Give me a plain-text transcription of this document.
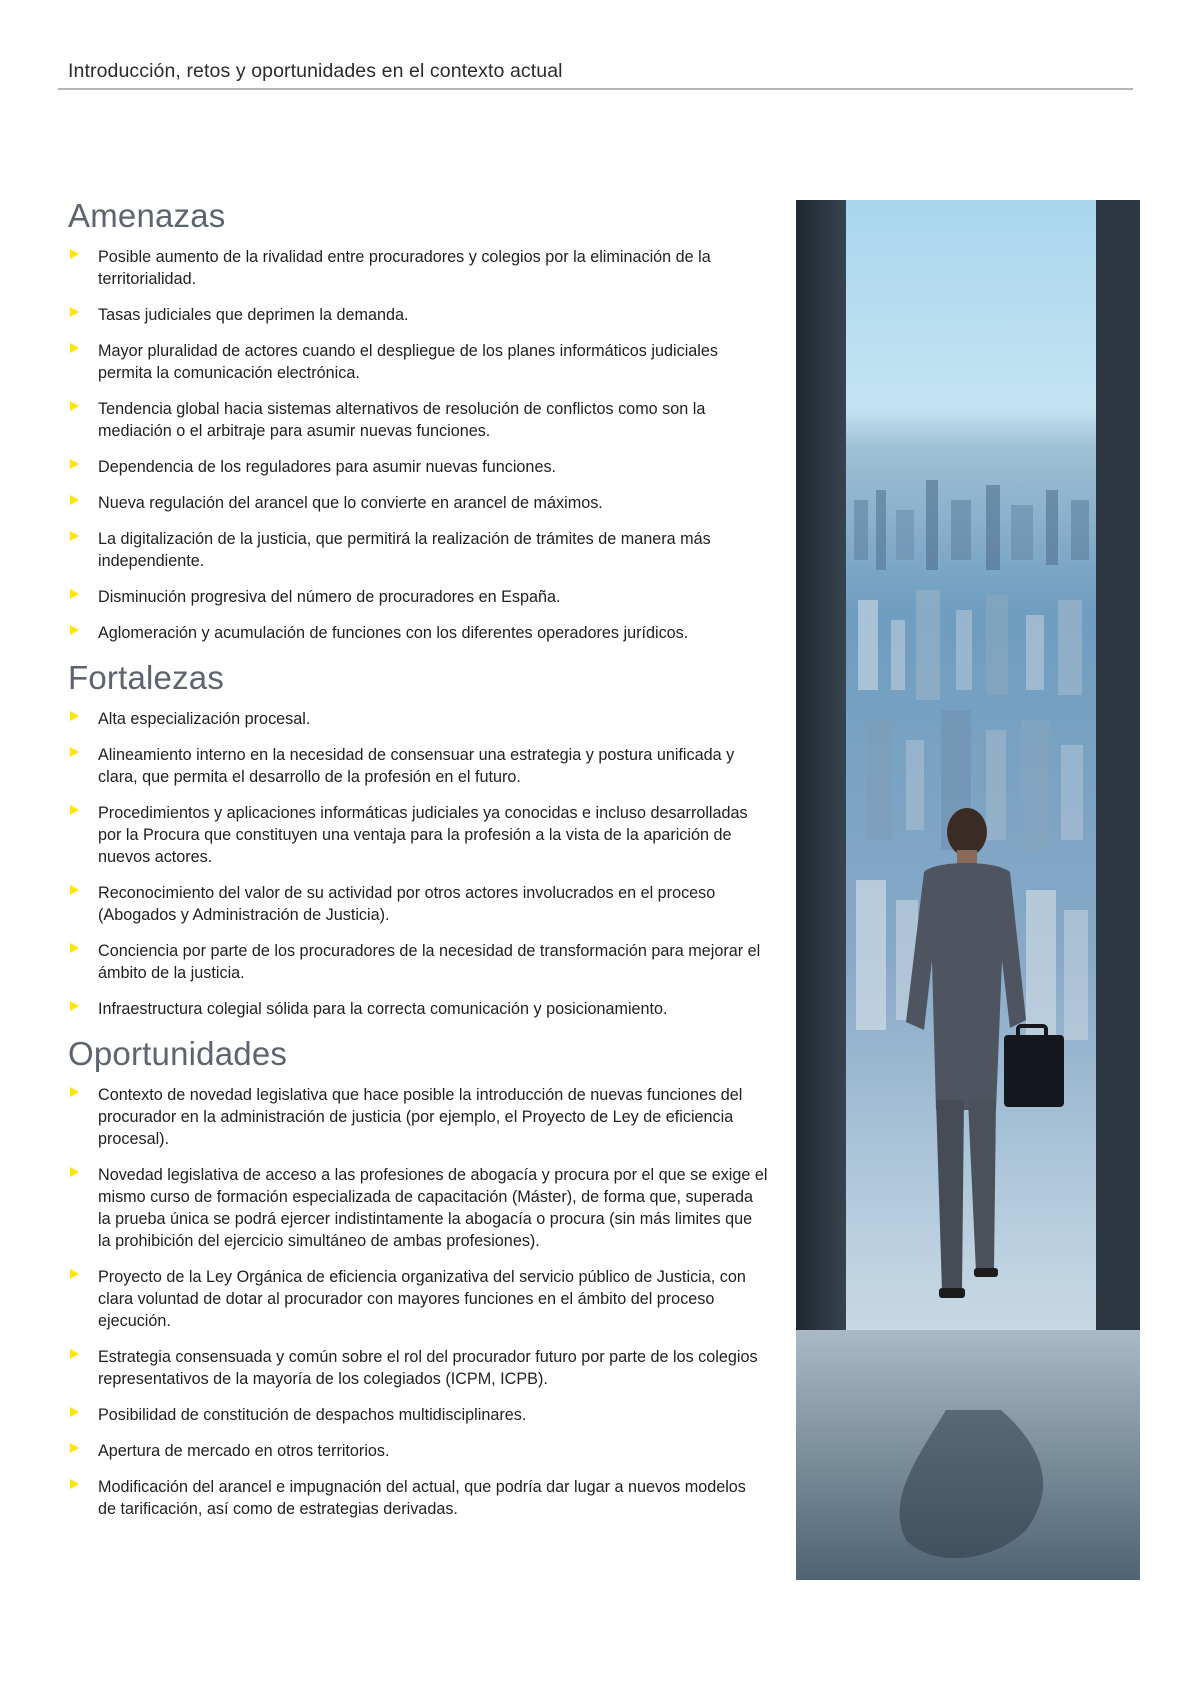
Introducción, retos y oportunidades en el contexto actual
Amenazas
Posible aumento de la rivalidad entre procuradores y colegios por la eliminación de la territorialidad.
Tasas judiciales que deprimen la demanda.
Mayor pluralidad de actores cuando el despliegue de los planes informáticos judiciales permita la comunicación electrónica.
Tendencia global hacia sistemas alternativos de resolución de conflictos como son la mediación o el arbitraje para asumir nuevas funciones.
Dependencia de los reguladores para asumir nuevas funciones.
Nueva regulación del arancel que lo convierte en arancel de máximos.
La digitalización de la justicia, que permitirá la realización de trámites de manera más independiente.
Disminución progresiva del número de procuradores en España.
Aglomeración y acumulación de funciones con los diferentes operadores jurídicos.
Fortalezas
Alta especialización procesal.
Alineamiento interno en la necesidad de consensuar una estrategia y postura unificada y clara, que permita el desarrollo de la profesión en el futuro.
Procedimientos y aplicaciones informáticas judiciales ya conocidas e incluso desarrolladas por la Procura que constituyen una ventaja para la profesión a la vista de la aparición de nuevos actores.
Reconocimiento del valor de su actividad por otros actores involucrados en el proceso (Abogados y Administración de Justicia).
Conciencia por parte de los procuradores de la necesidad de transformación para mejorar el ámbito de la justicia.
Infraestructura colegial sólida para la correcta comunicación y posicionamiento.
Oportunidades
Contexto de novedad legislativa que hace posible la introducción de nuevas funciones del procurador en la administración de justicia (por ejemplo, el Proyecto de Ley de eficiencia procesal).
Novedad legislativa de acceso a las profesiones de abogacía y procura por el que se exige el mismo curso de formación especializada de capacitación (Máster), de forma que, superada la prueba única se podrá ejercer indistintamente la abogacía o procura (sin más limites que la prohibición del ejercicio simultáneo de ambas profesiones).
Proyecto de la Ley Orgánica de eficiencia organizativa del servicio público de Justicia, con clara voluntad de dotar al procurador con mayores funciones en el ámbito del proceso ejecución.
Estrategia consensuada y común sobre el rol del procurador futuro por parte de los colegios representativos de la mayoría de los colegiados (ICPM, ICPB).
Posibilidad de constitución de despachos multidisciplinares.
Apertura de mercado en otros territorios.
Modificación del arancel e impugnación del actual, que podría dar lugar a nuevos modelos de tarificación, así como de estrategias derivadas.
